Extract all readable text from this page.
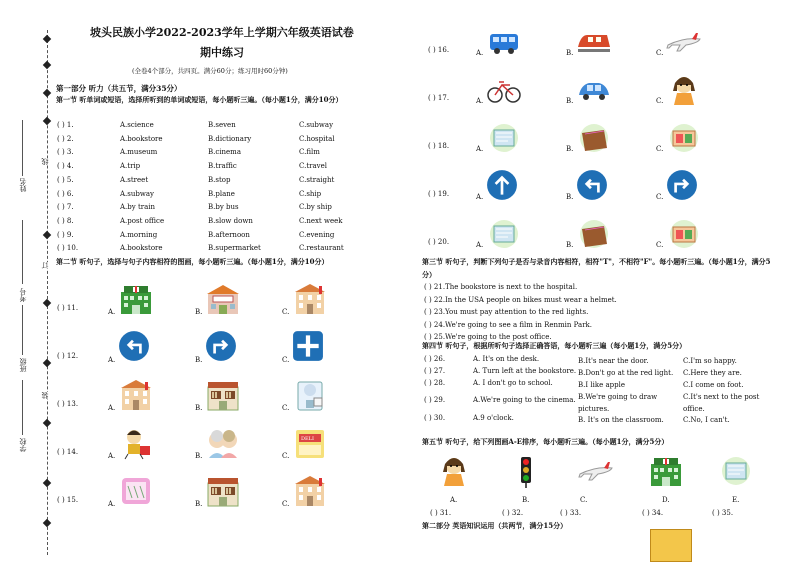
线
订
装
姓名
考号
班级
学校
坡头民族小学2022-2023学年上学期六年级英语试卷
期中练习
(全卷4个部分，共四页。满分60分；练习用时60分钟)
第一部分 听力（共五节，满分35分）
第一节 听单词或短语，选择所听到的单词或短语，每小题听三遍。（每小题1分，满分10分）
( ) 1.	A.science	B.seven	C.subway
( ) 2.	A.bookstore	B.dictionary	C.hospital
( ) 3.	A.museum	B.cinema	C.film
( ) 4.	A.trip	B.traffic	C.travel
( ) 5.	A.street	B.stop	C.straight
( ) 6.	A.subway	B.plane	C.ship
( ) 7.	A.by train	B.by bus	C.by ship
( ) 8.	A.post office	B.slow down	C.next week
( ) 9.	A.morning	B.afternoon	C.evening
( ) 10.	A.bookstore	B.supermarket	C.restaurant
第二节 听句子，选择与句子内容相符的图画，每小题听三遍。（每小题1分，满分10分）
( ) 11.	A.	B.	C.
( ) 12.	A.	B.	C.
( ) 13.	A.	B.	C.
( ) 14.	A.	B.	C.
DELI
( ) 15.	A.	B.	C.
( ) 16.	A.	B.	C.
( ) 17.	A.	B.	C.
( ) 18.	A.	B.	C.
( ) 19.	A.	B.	C.
( ) 20.	A.	B.	C.
第三节 听句子，判断下列句子是否与录音内容相符，相符"T"，不相符"F"。每小题听三遍。（每小题1分，满分5分）
( ) 21.The bookstore is next to the hospital.
( ) 22.In the USA people on bikes must wear a helmet.
( ) 23.You must pay attention to the red lights.
( ) 24.We're going to see a film in Renmin Park.
( ) 25.We're going to the post office.
第四节 听句子，根据所听句子选择正确答语，每小题听三遍（每小题1分，满分5分）
( ) 26.	A. It's on the desk.	B.It's near the door.	C.I'm so happy.
( ) 27.	A. Turn left at the bookstore. B.Don't go at the red light.	C.Here they are.
( ) 28.	A. I don't go to school.	B.I like apple	C.I come on foot.
( ) 29.	A.We're going to the cinema. B.We're going to draw pictures.
C.It's next to the post office.
( ) 30.	A.9 o'clock.	B. It's on the classroom.	C.No, I can't.
第五节 听句子，给下列图画A-E排序，每小题听三遍。（每小题1分，满分5分）
A.
( ) 31.
B.
( ) 32.
C.
( ) 33.
D.
( ) 34.
E.
( ) 35.
第二部分 英语知识运用（共两节，满分15分）
